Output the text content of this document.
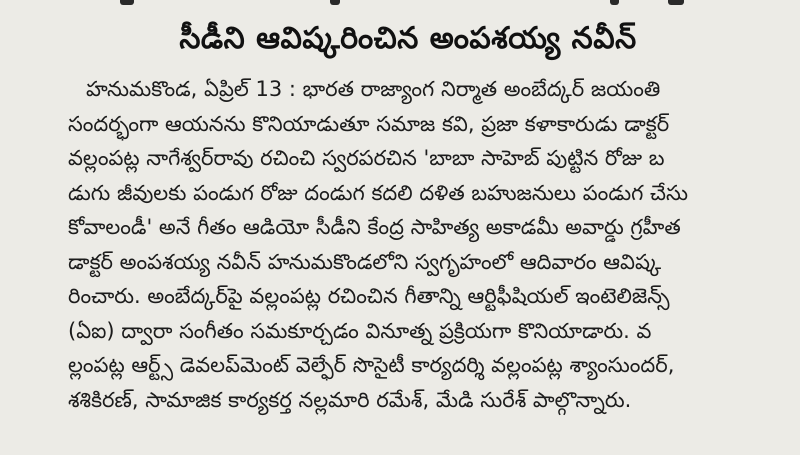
సీడీని ఆవిష్కరించిన అంపశయ్య నవీన్

హనుమకొండ, ఏప్రిల్ 13 : భారత రాజ్యాంగ నిర్మాత అంబేద్కర్ జయంతి
సందర్భంగా ఆయనను కొనియాడుతూ సమాజ కవి, ప్రజా కళాకారుడు డాక్టర్
వల్లంపట్ల నాగేశ్వర్‌రావు రచించి స్వరపరచిన 'బాబా సాహెబ్ పుట్టిన రోజు బ
డుగు జీవులకు పండుగ రోజు దండుగ కదలి దళిత బహుజనులు పండుగ చేసు
కోవాలండీ' అనే గీతం ఆడియో సీడీని కేంద్ర సాహిత్య అకాడమీ అవార్డు గ్రహీత
డాక్టర్ అంపశయ్య నవీన్ హనుమకొండలోని స్వగృహంలో ఆదివారం ఆవిష్క
రించారు. అంబేద్కర్‌పై వల్లంపట్ల రచించిన గీతాన్ని ఆర్టిఫీషియల్ ఇంటెలిజెన్స్
(ఏఐ) ద్వారా సంగీతం సమకూర్చడం వినూత్న ప్రక్రియగా కొనియాడారు. వ
ల్లంపట్ల ఆర్ట్స్ డెవలప్‌మెంట్ వెల్ఫేర్ సొసైటీ కార్యదర్శి వల్లంపట్ల శ్యాంసుందర్,
శశికిరణ్, సామాజిక కార్యకర్త నల్లమారి రమేశ్, మేడి సురేశ్ పాల్గొన్నారు.
